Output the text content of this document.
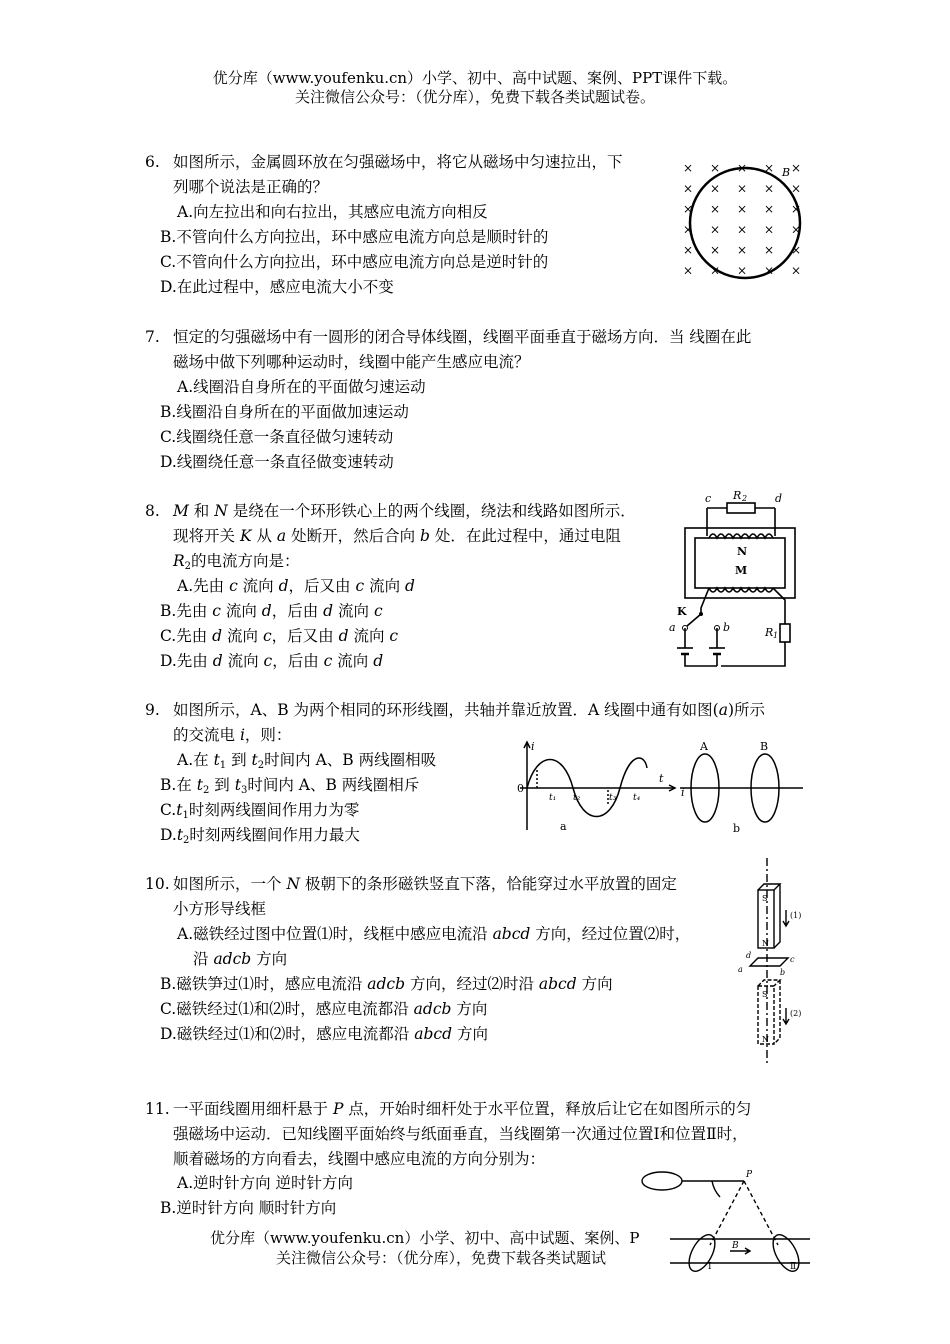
优分库（www.youfenku.cn）小学、初中、高中试题、案例、PPT课件下载。
关注微信公众号：（优分库），免费下载各类试题试卷。
6. 如图所示，金属圆环放在匀强磁场中，将它从磁场中匀速拉出，下
列哪个说法是正确的？
A.向左拉出和向右拉出，其感应电流方向相反
B.不管向什么方向拉出，环中感应电流方向总是顺时针的
C.不管向什么方向拉出，环中感应电流方向总是逆时针的
D.在此过程中，感应电流大小不变
× × × × ×
× × × × ×
× × × × ×
× × × × ×
× × × × ×
× × × × ×
B
7. 恒定的匀强磁场中有一圆形的闭合导体线圈，线圈平面垂直于磁场方向．当 线圈在此
磁场中做下列哪种运动时，线圈中能产生感应电流？
A.线圈沿自身所在的平面做匀速运动
B.线圈沿自身所在的平面做加速运动
C.线圈绕任意一条直径做匀速转动
D.线圈绕任意一条直径做变速转动
8. M 和 N 是绕在一个环形铁心上的两个线圈，绕法和线路如图所示．
现将开关 K 从 a 处断开，然后合向 b 处．在此过程中，通过电阻
$R_2$的电流方向是：
A.先由 c 流向 d，后又由 c 流向 d
B.先由 c 流向 d，后由 d 流向 c
C.先由 d 流向 c，后又由 d 流向 c
D.先由 d 流向 c，后由 c 流向 d
c	d
R 2
a	b	R 1
N
M
K
9. 如图所示，A、B 为两个相同的环形线圈，共轴并靠近放置．A 线圈中通有如图(a)所示
的交流电 i，则：
A.在 $t_1$ 到 $t_2$时间内 A、B 两线圈相吸
B.在 $t_2$ 到 $t_3$时间内 A、B 两线圈相斥
$C.t_1$时刻两线圈间作用力为零
$D.t_2$时刻两线圈间作用力最大
i
0
t
t₁ t₂	t₃ t₄	i
a	b
A	B
10. 如图所示，一个 N 极朝下的条形磁铁竖直下落，恰能穿过水平放置的固定
小方形导线框
A.磁铁经过图中位置⑴时，线框中感应电流沿 abcd 方向，经过位置⑵时，
沿 adcb 方向
B.磁铁笋过⑴时，感应电流沿 adcb 方向，经过⑵时沿 abcd 方向
C.磁铁经过⑴和⑵时，感应电流都沿 adcb 方向
D.磁铁经过⑴和⑵时，感应电流都沿 abcd 方向
S
N
S
N
(1)
(2)
a	b
c
d
11. 一平面线圈用细杆悬于 P 点，开始时细杆处于水平位置，释放后让它在如图所示的匀
强磁场中运动．已知线圈平面始终与纸面垂直，当线圈第一次通过位置Ⅰ和位置Ⅱ时，
顺着磁场的方向看去，线圈中感应电流的方向分别为：
A.逆时针方向 逆时针方向
B.逆时针方向 顺时针方向
P
B
Ⅰ	Ⅱ
优分库（www.youfenku.cn）小学、初中、高中试题、案例、P
关注微信公众号：（优分库），免费下载各类试题试
